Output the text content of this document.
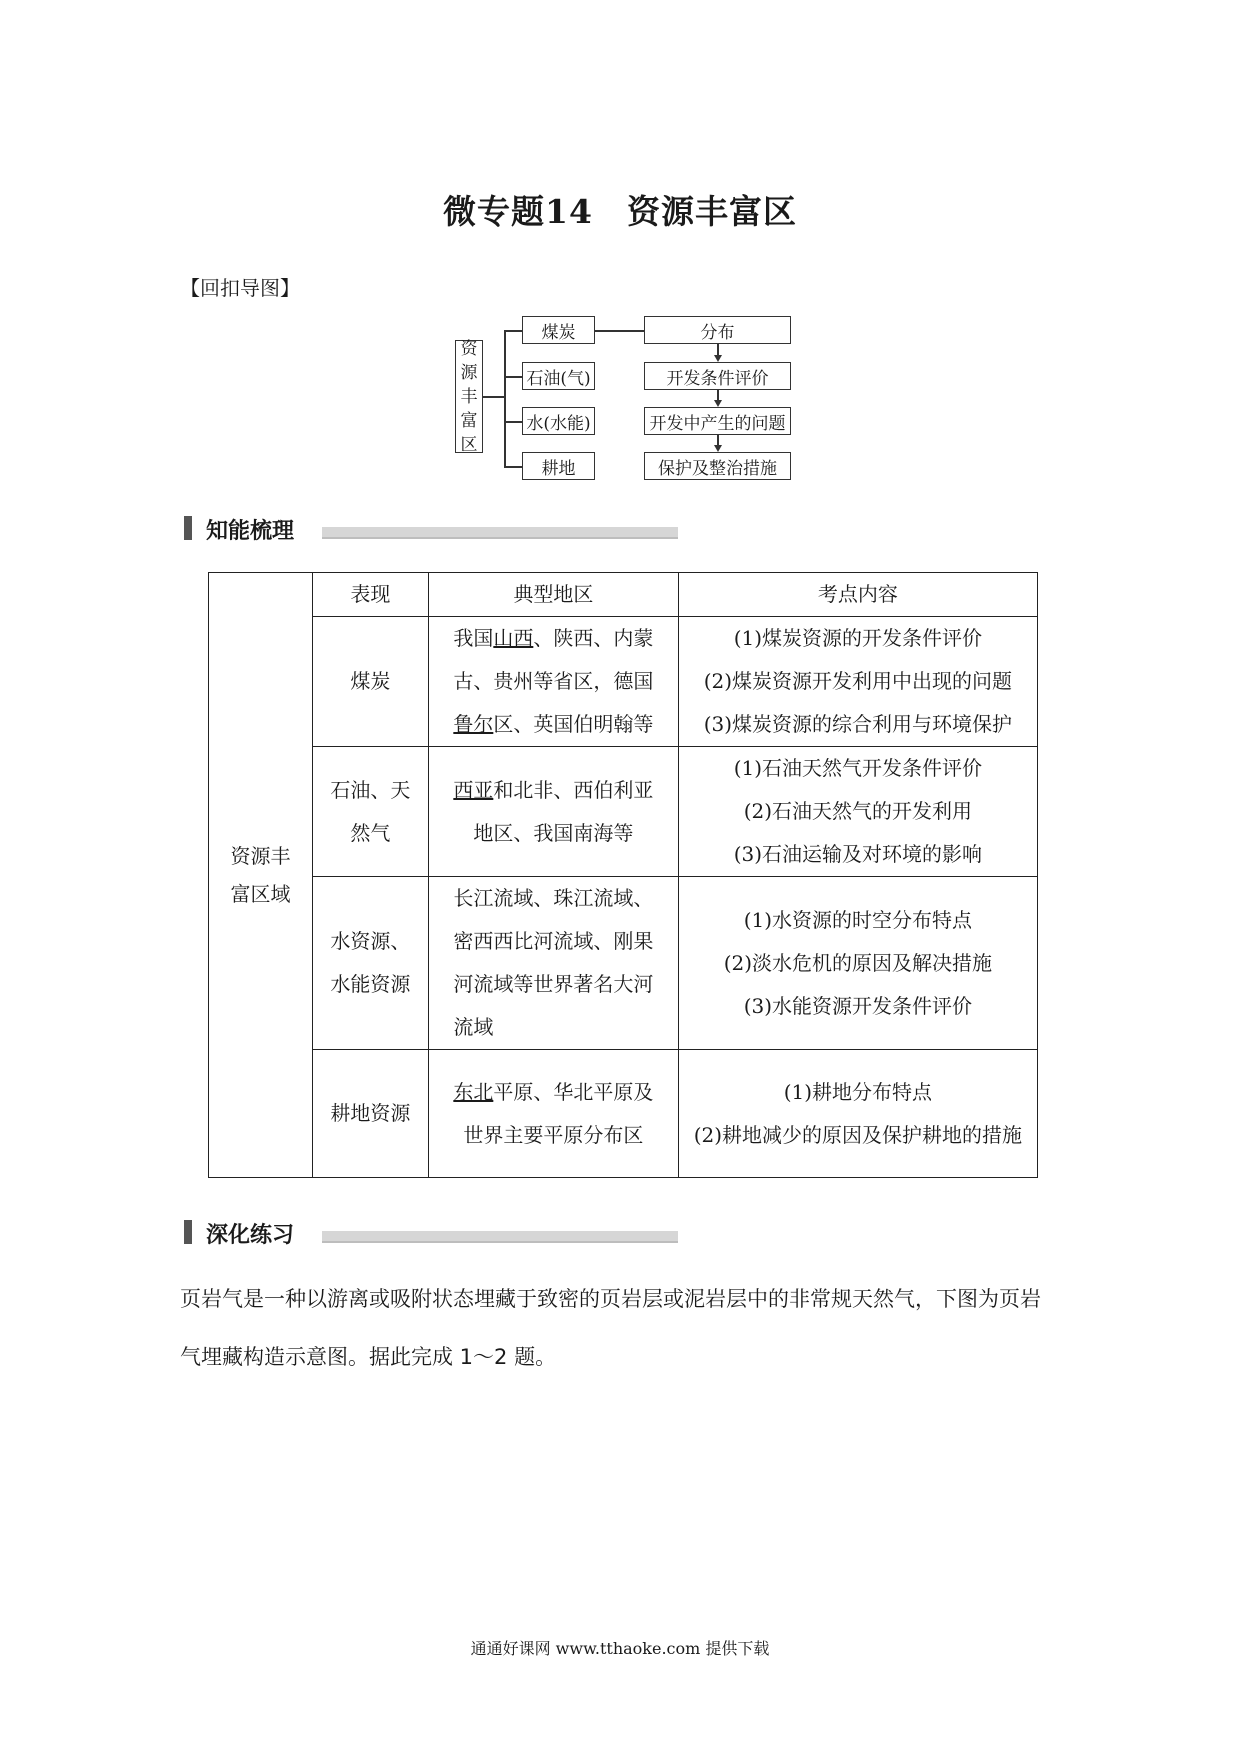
微专题14　资源丰富区
【回扣导图】
资
源
丰
富
区
煤炭
石油(气)
水(水能)
耕地
分布
开发条件评价
开发中产生的问题
保护及整治措施
知能梳理
资源丰富区域	表现	典型地区	考点内容
	煤炭	我国山西、陕西、内蒙古、贵州等省区，德国鲁尔区、英国伯明翰等	(1)煤炭资源的开发条件评价
(2)煤炭资源开发利用中出现的问题
(3)煤炭资源的综合利用与环境保护

	石油、天然气	西亚和北非、西伯利亚地区、我国南海等	(1)石油天然气开发条件评价
(2)石油天然气的开发利用
(3)石油运输及对环境的影响

	水资源、水能资源	长江流域、珠江流域、密西西比河流域、刚果河流域等世界著名大河流域	(1)水资源的时空分布特点
(2)淡水危机的原因及解决措施
(3)水能资源开发条件评价

	耕地资源	东北平原、华北平原及世界主要平原分布区	(1)耕地分布特点
(2)耕地减少的原因及保护耕地的措施
深化练习
页岩气是一种以游离或吸附状态埋藏于致密的页岩层或泥岩层中的非常规天然气，下图为页岩气埋藏构造示意图。据此完成 1～2 题。
通通好课网 www.tthaoke.com 提供下载
